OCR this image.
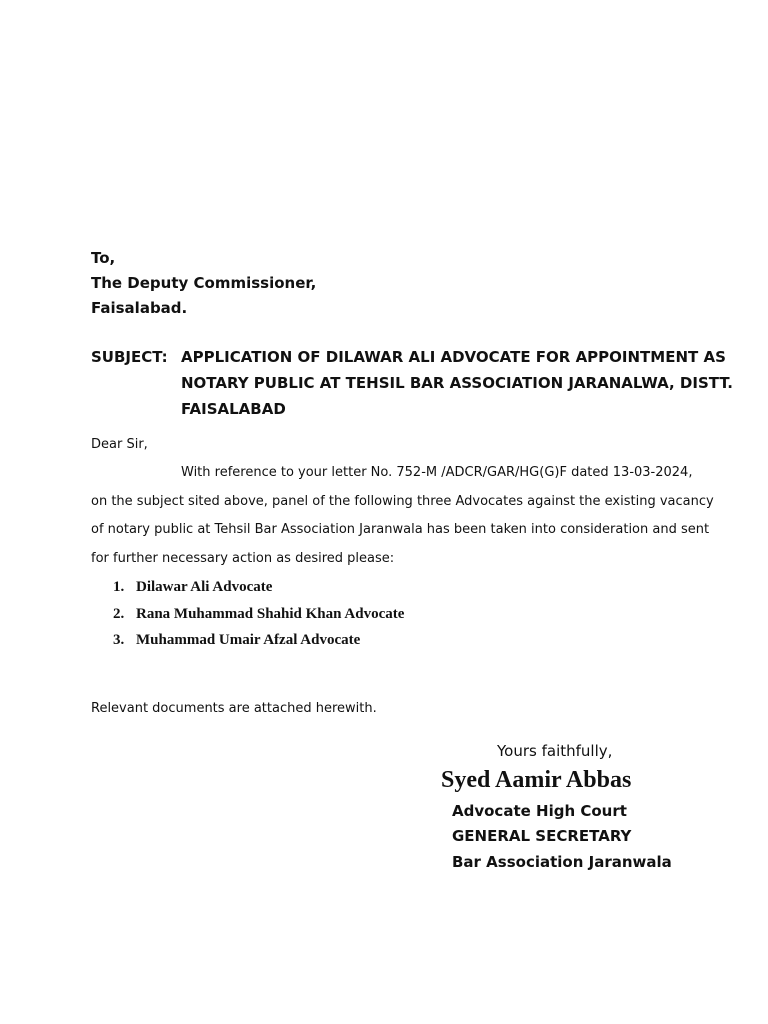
To,
The Deputy Commissioner,
Faisalabad.
SUBJECT: APPLICATION OF DILAWAR ALI ADVOCATE FOR APPOINTMENT AS
NOTARY PUBLIC AT TEHSIL BAR ASSOCIATION JARANALWA, DISTT.
FAISALABAD
Dear Sir,
With reference to your letter No. 752-M /ADCR/GAR/HG(G)F dated 13-03-2024,
on the subject sited above, panel of the following three Advocates against the existing vacancy
of notary public at Tehsil Bar Association Jaranwala has been taken into consideration and sent
for further necessary action as desired please:
1. Dilawar Ali Advocate
2. Rana Muhammad Shahid Khan Advocate
3. Muhammad Umair Afzal Advocate
Relevant documents are attached herewith.
Yours faithfully,
Syed Aamir Abbas
Advocate High Court
GENERAL SECRETARY
Bar Association Jaranwala
